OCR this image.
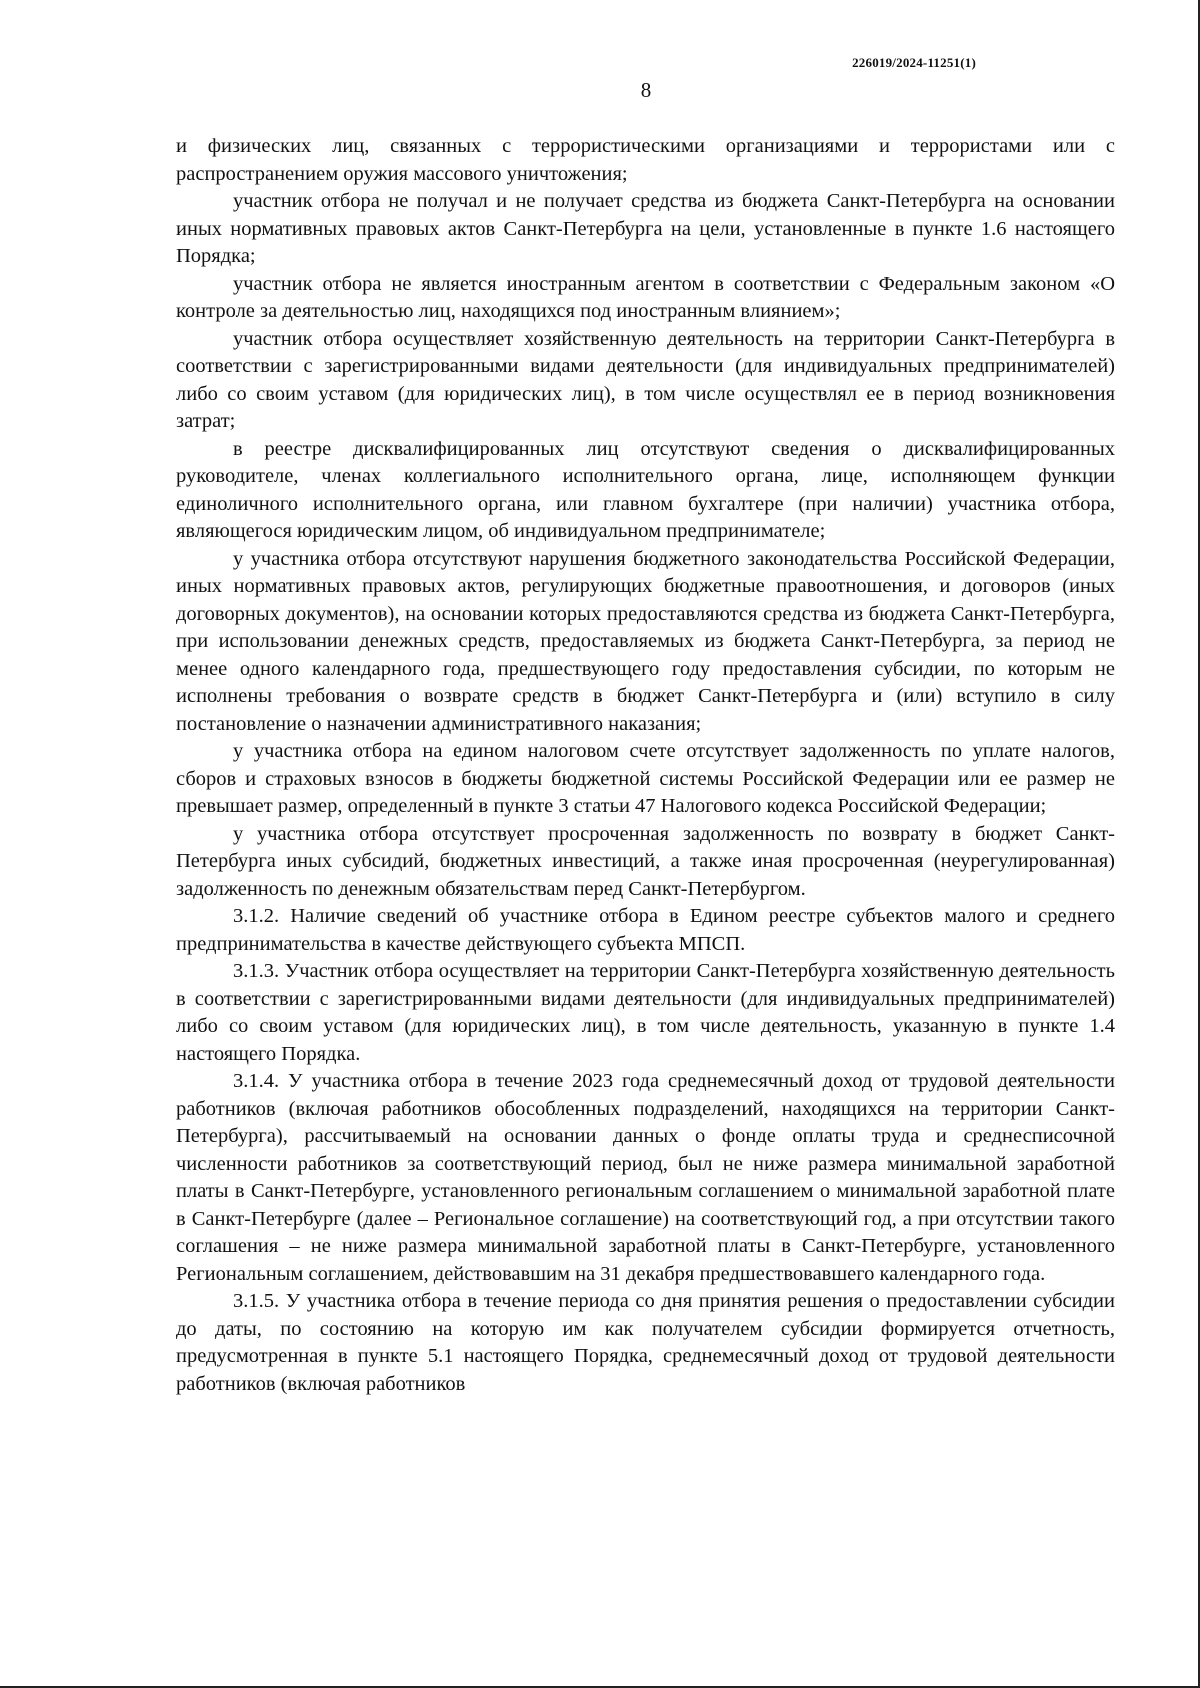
226019/2024-11251(1)
8

и физических лиц, связанных с террористическими организациями и террористами или с распространением оружия массового уничтожения;

участник отбора не получал и не получает средства из бюджета Санкт-Петербурга на основании иных нормативных правовых актов Санкт-Петербурга на цели, установленные в пункте 1.6 настоящего Порядка;

участник отбора не является иностранным агентом в соответствии с Федеральным законом «О контроле за деятельностью лиц, находящихся под иностранным влиянием»;

участник отбора осуществляет хозяйственную деятельность на территории Санкт-Петербурга в соответствии с зарегистрированными видами деятельности (для индивидуальных предпринимателей) либо со своим уставом (для юридических лиц), в том числе осуществлял ее в период возникновения затрат;

в реестре дисквалифицированных лиц отсутствуют сведения о дисквалифицированных руководителе, членах коллегиального исполнительного органа, лице, исполняющем функции единоличного исполнительного органа, или главном бухгалтере (при наличии) участника отбора, являющегося юридическим лицом, об индивидуальном предпринимателе;

у участника отбора отсутствуют нарушения бюджетного законодательства Российской Федерации, иных нормативных правовых актов, регулирующих бюджетные правоотношения, и договоров (иных договорных документов), на основании которых предоставляются средства из бюджета Санкт-Петербурга, при использовании денежных средств, предоставляемых из бюджета Санкт-Петербурга, за период не менее одного календарного года, предшествующего году предоставления субсидии, по которым не исполнены требования о возврате средств в бюджет Санкт-Петербурга и (или) вступило в силу постановление о назначении административного наказания;

у участника отбора на едином налоговом счете отсутствует задолженность по уплате налогов, сборов и страховых взносов в бюджеты бюджетной системы Российской Федерации или ее размер не превышает размер, определенный в пункте 3 статьи 47 Налогового кодекса Российской Федерации;

у участника отбора отсутствует просроченная задолженность по возврату в бюджет Санкт-Петербурга иных субсидий, бюджетных инвестиций, а также иная просроченная (неурегулированная) задолженность по денежным обязательствам перед Санкт-Петербургом.

3.1.2. Наличие сведений об участнике отбора в Едином реестре субъектов малого и среднего предпринимательства в качестве действующего субъекта МПСП.

3.1.3. Участник отбора осуществляет на территории Санкт-Петербурга хозяйственную деятельность в соответствии с зарегистрированными видами деятельности (для индивидуальных предпринимателей) либо со своим уставом (для юридических лиц), в том числе деятельность, указанную в пункте 1.4 настоящего Порядка.

3.1.4. У участника отбора в течение 2023 года среднемесячный доход от трудовой деятельности работников (включая работников обособленных подразделений, находящихся на территории Санкт-Петербурга), рассчитываемый на основании данных о фонде оплаты труда и среднесписочной численности работников за соответствующий период, был не ниже размера минимальной заработной платы в Санкт-Петербурге, установленного региональным соглашением о минимальной заработной плате в Санкт-Петербурге (далее – Региональное соглашение) на соответствующий год, а при отсутствии такого соглашения – не ниже размера минимальной заработной платы в Санкт-Петербурге, установленного Региональным соглашением, действовавшим на 31 декабря предшествовавшего календарного года.

3.1.5. У участника отбора в течение периода со дня принятия решения о предоставлении субсидии до даты, по состоянию на которую им как получателем субсидии формируется отчетность, предусмотренная в пункте 5.1 настоящего Порядка, среднемесячный доход от трудовой деятельности работников (включая работников
